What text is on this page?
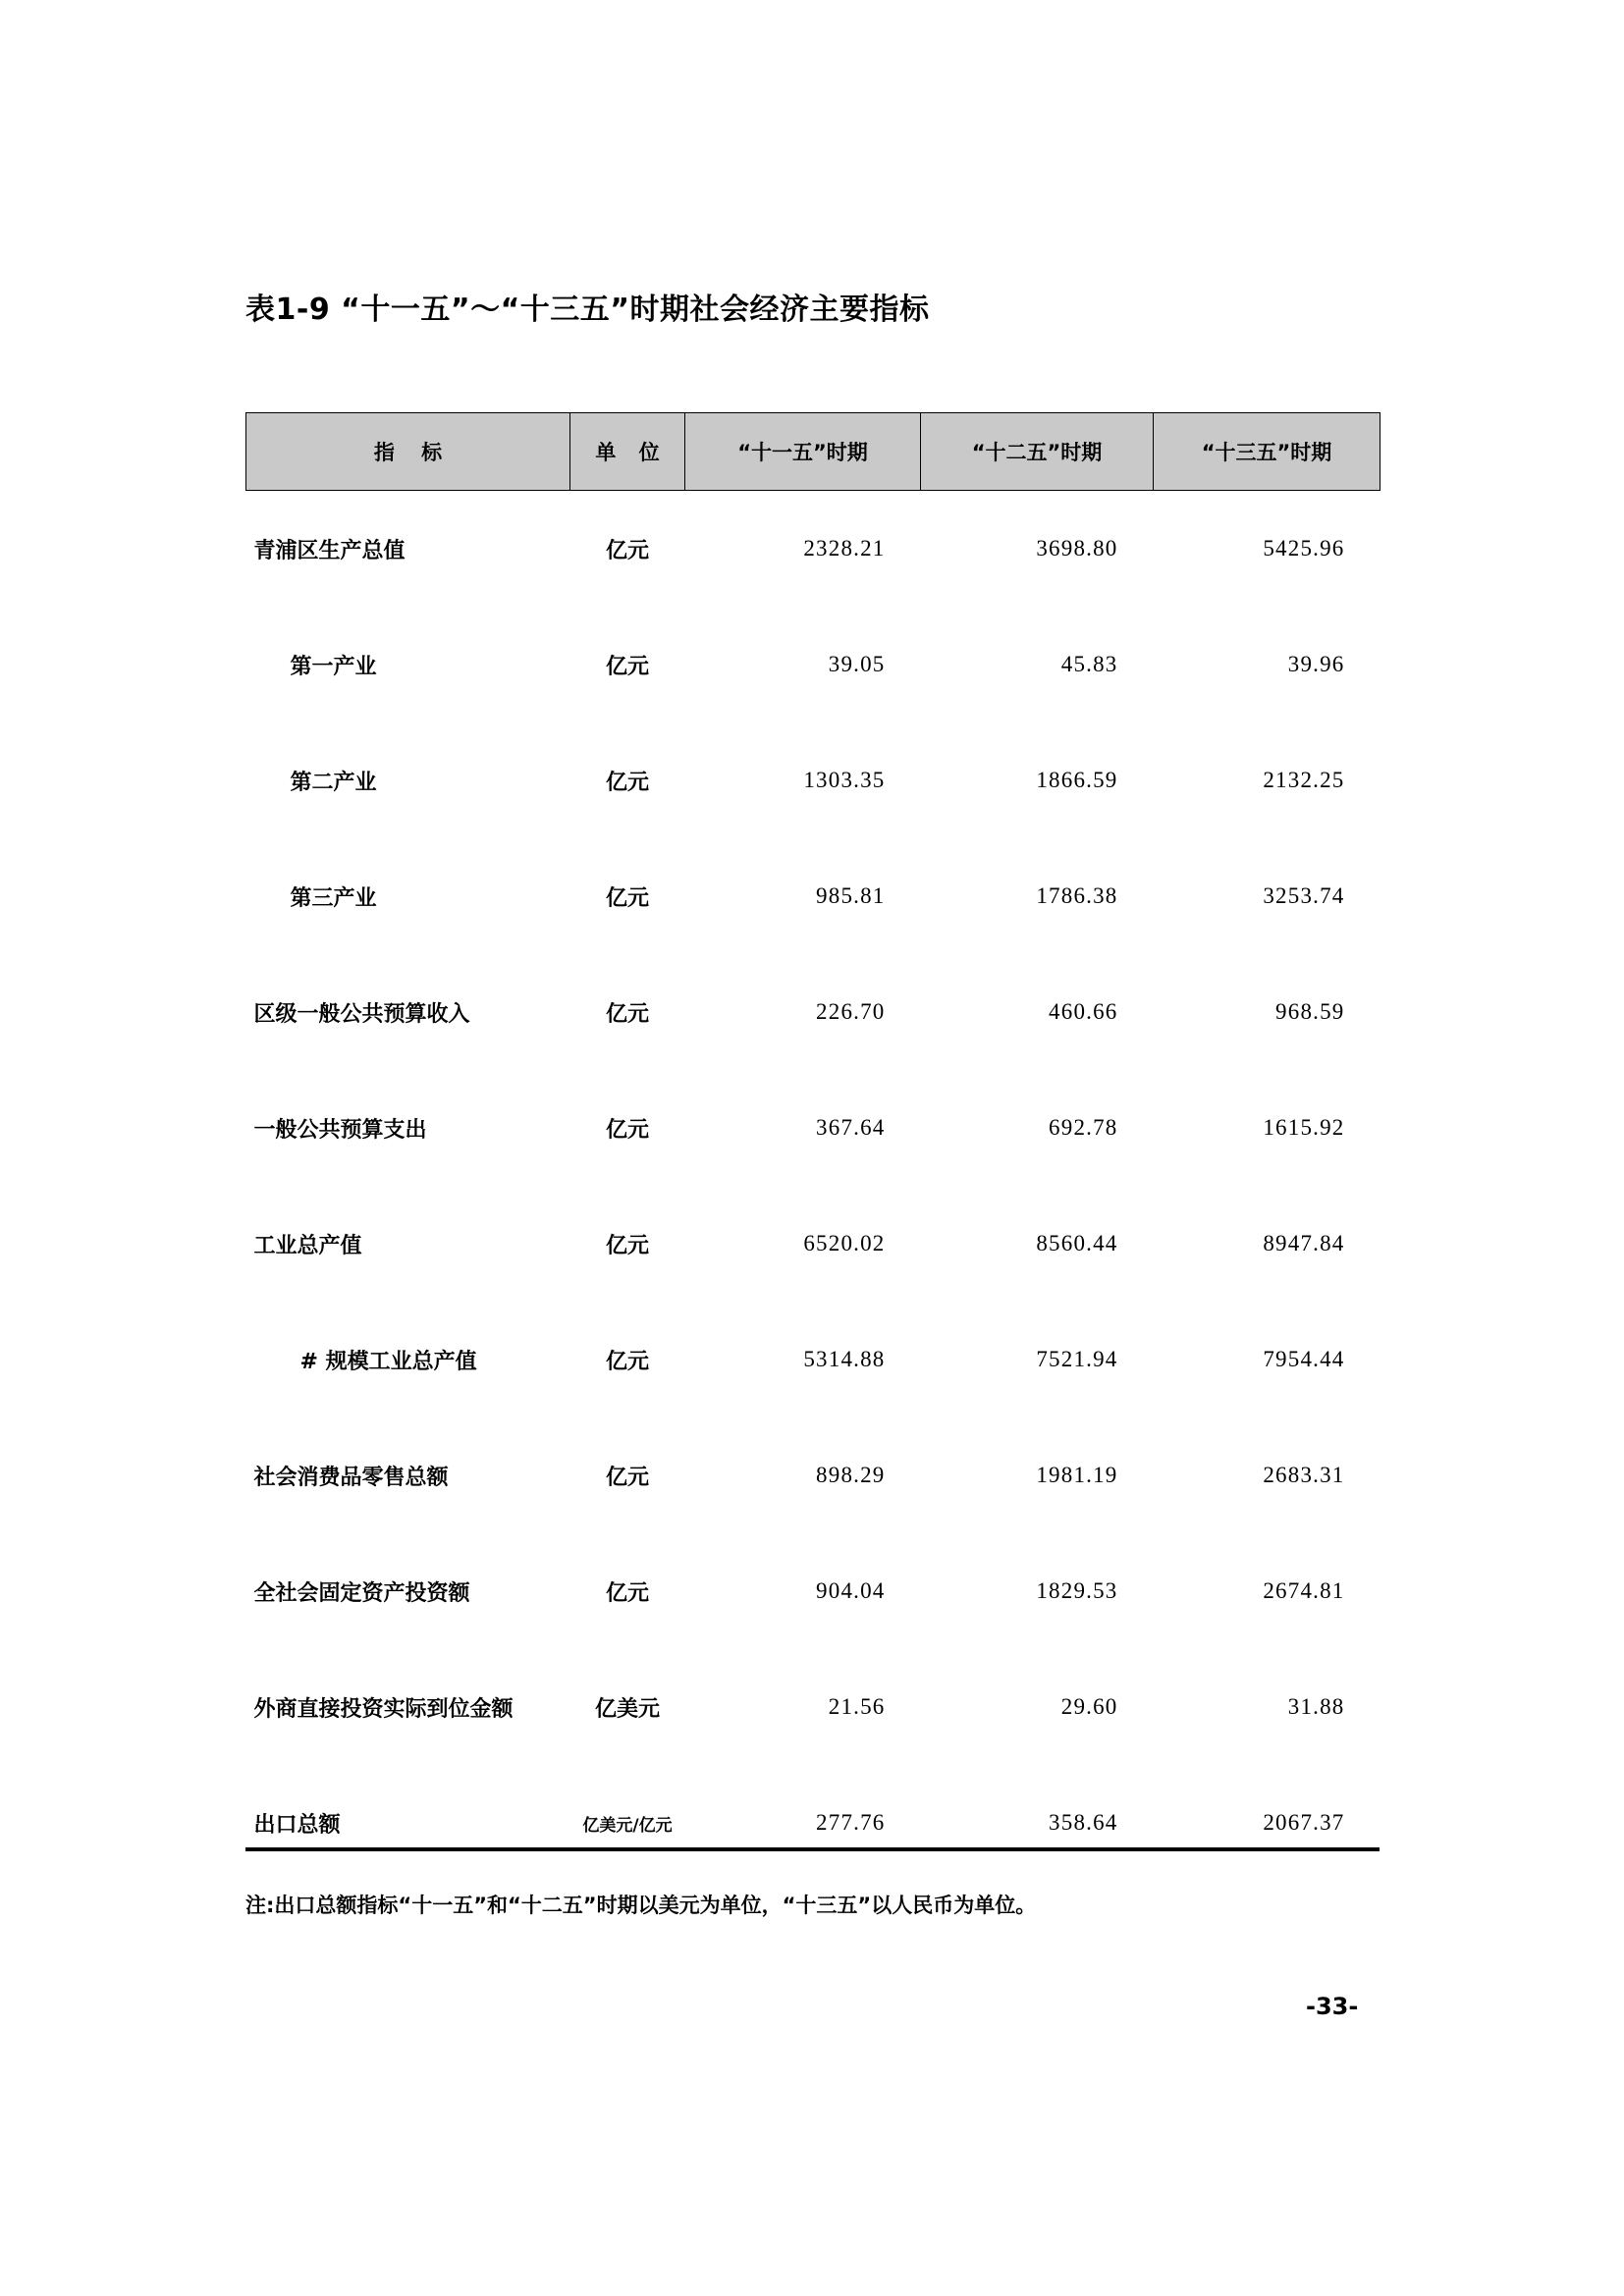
表1-9 “十一五”～“十三五”时期社会经济主要指标
指 标	单 位	“十一五”时期	“十二五”时期	“十三五”时期
青浦区生产总值	亿元	2328.21	3698.80	5425.96
第一产业	亿元	39.05	45.83	39.96
第二产业	亿元	1303.35	1866.59	2132.25
第三产业	亿元	985.81	1786.38	3253.74
区级一般公共预算收入	亿元	226.70	460.66	968.59
一般公共预算支出	亿元	367.64	692.78	1615.92
工业总产值	亿元	6520.02	8560.44	8947.84
# 规模工业总产值	亿元	5314.88	7521.94	7954.44
社会消费品零售总额	亿元	898.29	1981.19	2683.31
全社会固定资产投资额	亿元	904.04	1829.53	2674.81
外商直接投资实际到位金额	亿美元	21.56	29.60	31.88
出口总额	亿美元/亿元	277.76	358.64	2067.37
注:出口总额指标“十一五”和“十二五”时期以美元为单位，“十三五”以人民币为单位。
-33-
